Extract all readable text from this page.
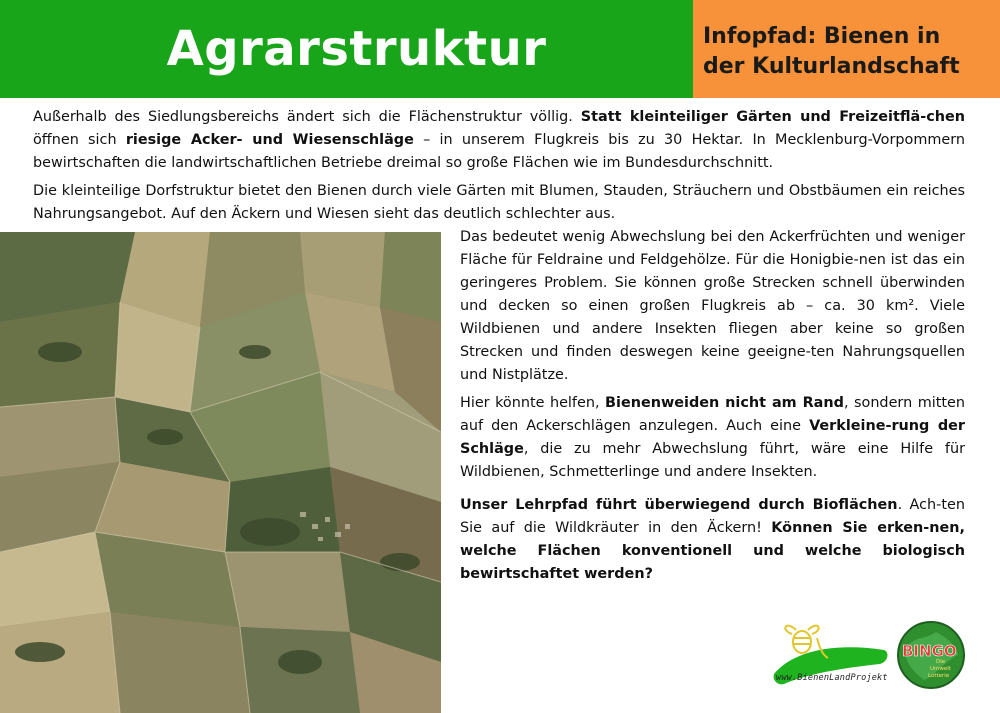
Agrarstruktur	Infopfad: Bienen in
der Kulturlandschaft

Außerhalb des Siedlungsbereichs ändert sich die Flächenstruktur völlig. Statt kleinteiliger Gärten und Freizeitflä-chen öffnen sich riesige Acker- und Wiesenschläge – in unserem Flugkreis bis zu 30 Hektar. In Mecklenburg-Vorpommern bewirtschaften die landwirtschaftlichen Betriebe dreimal so große Flächen wie im Bundesdurchschnitt.

Die kleinteilige Dorfstruktur bietet den Bienen durch viele Gärten mit Blumen, Stauden, Sträuchern und Obstbäumen ein reiches Nahrungsangebot. Auf den Äckern und Wiesen sieht das deutlich schlechter aus.

Das bedeutet wenig Abwechslung bei den Ackerfrüchten und weniger Fläche für Feldraine und Feldgehölze. Für die Honigbie-nen ist das ein geringeres Problem. Sie können große Strecken schnell überwinden und decken so einen großen Flugkreis ab – ca. 30 km². Viele Wildbienen und andere Insekten fliegen aber keine so großen Strecken und finden deswegen keine geeigne-ten Nahrungsquellen und Nistplätze.

Hier könnte helfen, Bienenweiden nicht am Rand, sondern mitten auf den Ackerschlägen anzulegen. Auch eine Verkleine-rung der Schläge, die zu mehr Abwechslung führt, wäre eine Hilfe für Wildbienen, Schmetterlinge und andere Insekten.

Unser Lehrpfad führt überwiegend durch Bioflächen. Ach-ten Sie auf die Wildkräuter in den Äckern! Können Sie erken-nen, welche Flächen konventionell und welche biologisch bewirtschaftet werden?

www.BienenLandProjekt
BINGO
Die
Umwelt
Lotterie
